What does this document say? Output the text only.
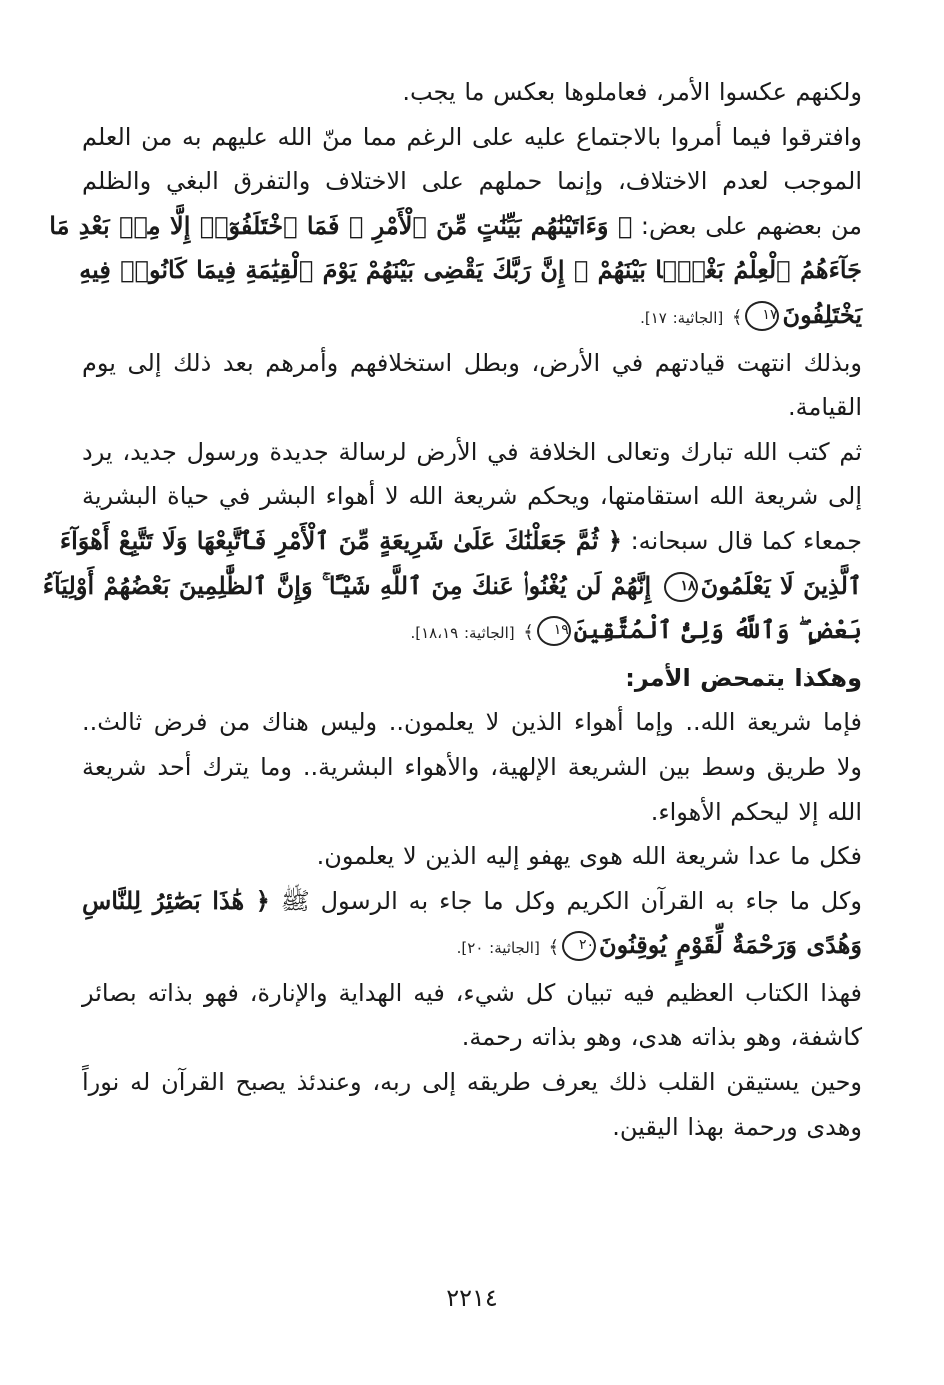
ولكنهم عكسوا الأمر، فعاملوها بعكس ما يجب.

وافترقوا فيما أمروا بالاجتماع عليه على الرغم مما منّ الله عليهم به من العلم
الموجب لعدم الاختلاف، وإنما حملهم على الاختلاف والتفرق البغي والظلم
من بعضهم على بعض: ﴿ وَءَاتَيْنَٰهُم بَيِّنَٰتٍ مِّنَ ٱلْأَمْرِ ۖ فَمَا ٱخْتَلَفُوٓا۟ إِلَّا مِنۢ بَعْدِ مَا
جَآءَهُمُ ٱلْعِلْمُ بَغْيًۢا بَيْنَهُمْ ۚ إِنَّ رَبَّكَ يَقْضِى بَيْنَهُمْ يَوْمَ ٱلْقِيَٰمَةِ فِيمَا كَانُوا۟ فِيهِ
يَخْتَلِفُونَ١٧﴾ [الجاثية: ١٧].

وبذلك انتهت قيادتهم في الأرض، وبطل استخلافهم وأمرهم بعد ذلك إلى يوم
القيامة.

ثم كتب الله تبارك وتعالى الخلافة في الأرض لرسالة جديدة ورسول جديد، يرد
إلى شريعة الله استقامتها، ويحكم شريعة الله لا أهواء البشر في حياة البشرية
جمعاء كما قال سبحانه: ﴿ ثُمَّ جَعَلْنَٰكَ عَلَىٰ شَرِيعَةٍ مِّنَ ٱلْأَمْرِ فَٱتَّبِعْهَا وَلَا تَتَّبِعْ أَهْوَآءَ
ٱلَّذِينَ لَا يَعْلَمُونَ١٨ إِنَّهُمْ لَن يُغْنُوا۟ عَنكَ مِنَ ٱللَّهِ شَيْـًٔا ۚ وَإِنَّ ٱلظَّٰلِمِينَ بَعْضُهُمْ أَوْلِيَآءُ
بَعْضٍ ۖ وَٱللَّهُ وَلِىُّ ٱلْمُتَّقِينَ١٩﴾ [الجاثية: ١٨،١٩].

وهكذا يتمحض الأمر:

فإما شريعة الله.. وإما أهواء الذين لا يعلمون.. وليس هناك من فرض ثالث..
ولا طريق وسط بين الشريعة الإلهية، والأهواء البشرية.. وما يترك أحد شريعة
الله إلا ليحكم الأهواء.

فكل ما عدا شريعة الله هوى يهفو إليه الذين لا يعلمون.

وكل ما جاء به القرآن الكريم وكل ما جاء به الرسول ﷺ ﴿ هَٰذَا بَصَٰٓئِرُ لِلنَّاسِ
وَهُدًى وَرَحْمَةٌ لِّقَوْمٍ يُوقِنُونَ٢٠﴾ [الجاثية: ٢٠].

فهذا الكتاب العظيم فيه تبيان كل شيء، فيه الهداية والإنارة، فهو بذاته بصائر
كاشفة، وهو بذاته هدى، وهو بذاته رحمة.

وحين يستيقن القلب ذلك يعرف طريقه إلى ربه، وعندئذ يصبح القرآن له نوراً
وهدى ورحمة بهذا اليقين.

٢٢١٤
